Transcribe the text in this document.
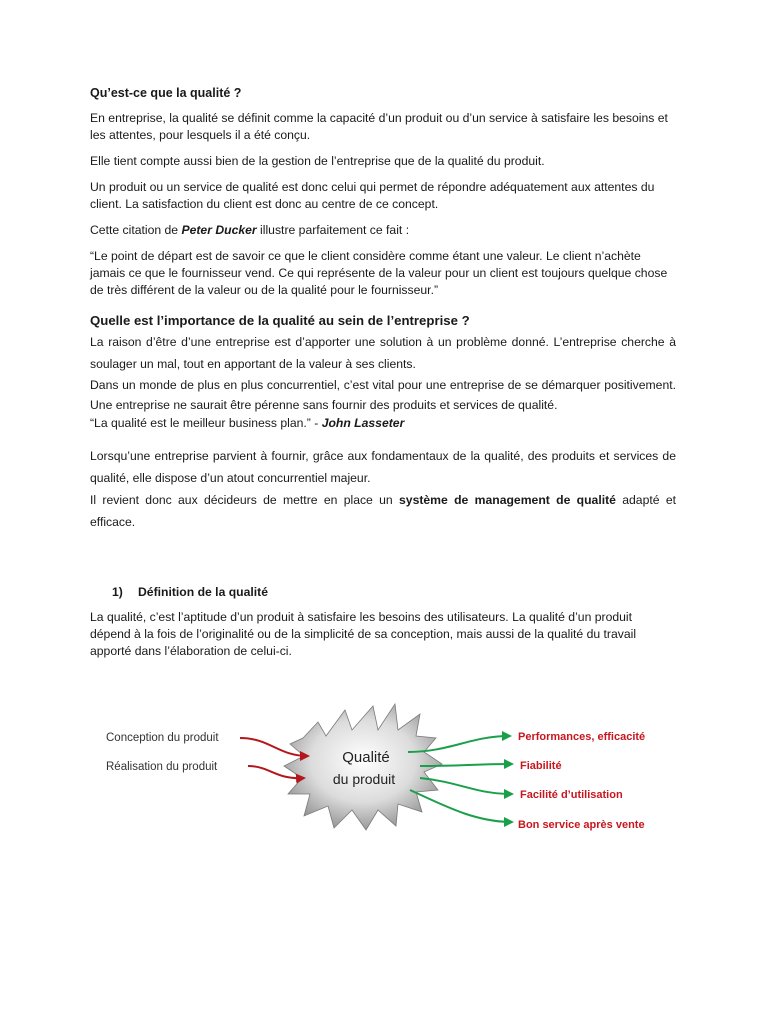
Qu’est-ce que la qualité ?

En entreprise, la qualité se définit comme la capacité d’un produit ou d’un service à satisfaire les besoins et les attentes, pour lesquels il a été conçu.

Elle tient compte aussi bien de la gestion de l’entreprise que de la qualité du produit.

Un produit ou un service de qualité est donc celui qui permet de répondre adéquatement aux attentes du client. La satisfaction du client est donc au centre de ce concept.

Cette citation de Peter Ducker illustre parfaitement ce fait :

“Le point de départ est de savoir ce que le client considère comme étant une valeur. Le client n’achète jamais ce que le fournisseur vend. Ce qui représente de la valeur pour un client est toujours quelque chose de très différent de la valeur ou de la qualité pour le fournisseur.”

Quelle est l’importance de la qualité au sein de l’entreprise ?

La raison d’être d’une entreprise est d’apporter une solution à un problème donné. L’entreprise cherche à soulager un mal, tout en apportant de la valeur à ses clients.

Dans un monde de plus en plus concurrentiel, c’est vital pour une entreprise de se démarquer positivement. Une entreprise ne saurait être pérenne sans fournir des produits et services de qualité.

“La qualité est le meilleur business plan.” - John Lasseter

Lorsqu’une entreprise parvient à fournir, grâce aux fondamentaux de la qualité, des produits et services de qualité, elle dispose d’un atout concurrentiel majeur.

Il revient donc aux décideurs de mettre en place un système de management de qualité adapté et efficace.

1) Définition de la qualité

La qualité, c’est l’aptitude d’un produit à satisfaire les besoins des utilisateurs. La qualité d’un produit dépend à la fois de l’originalité ou de la simplicité de sa conception, mais aussi de la qualité du travail apporté dans l’élaboration de celui-ci.

Qualité
du produit
Conception du produit
Réalisation du produit
Performances, efficacité
Fiabilité
Facilité d’utilisation
Bon service après vente
